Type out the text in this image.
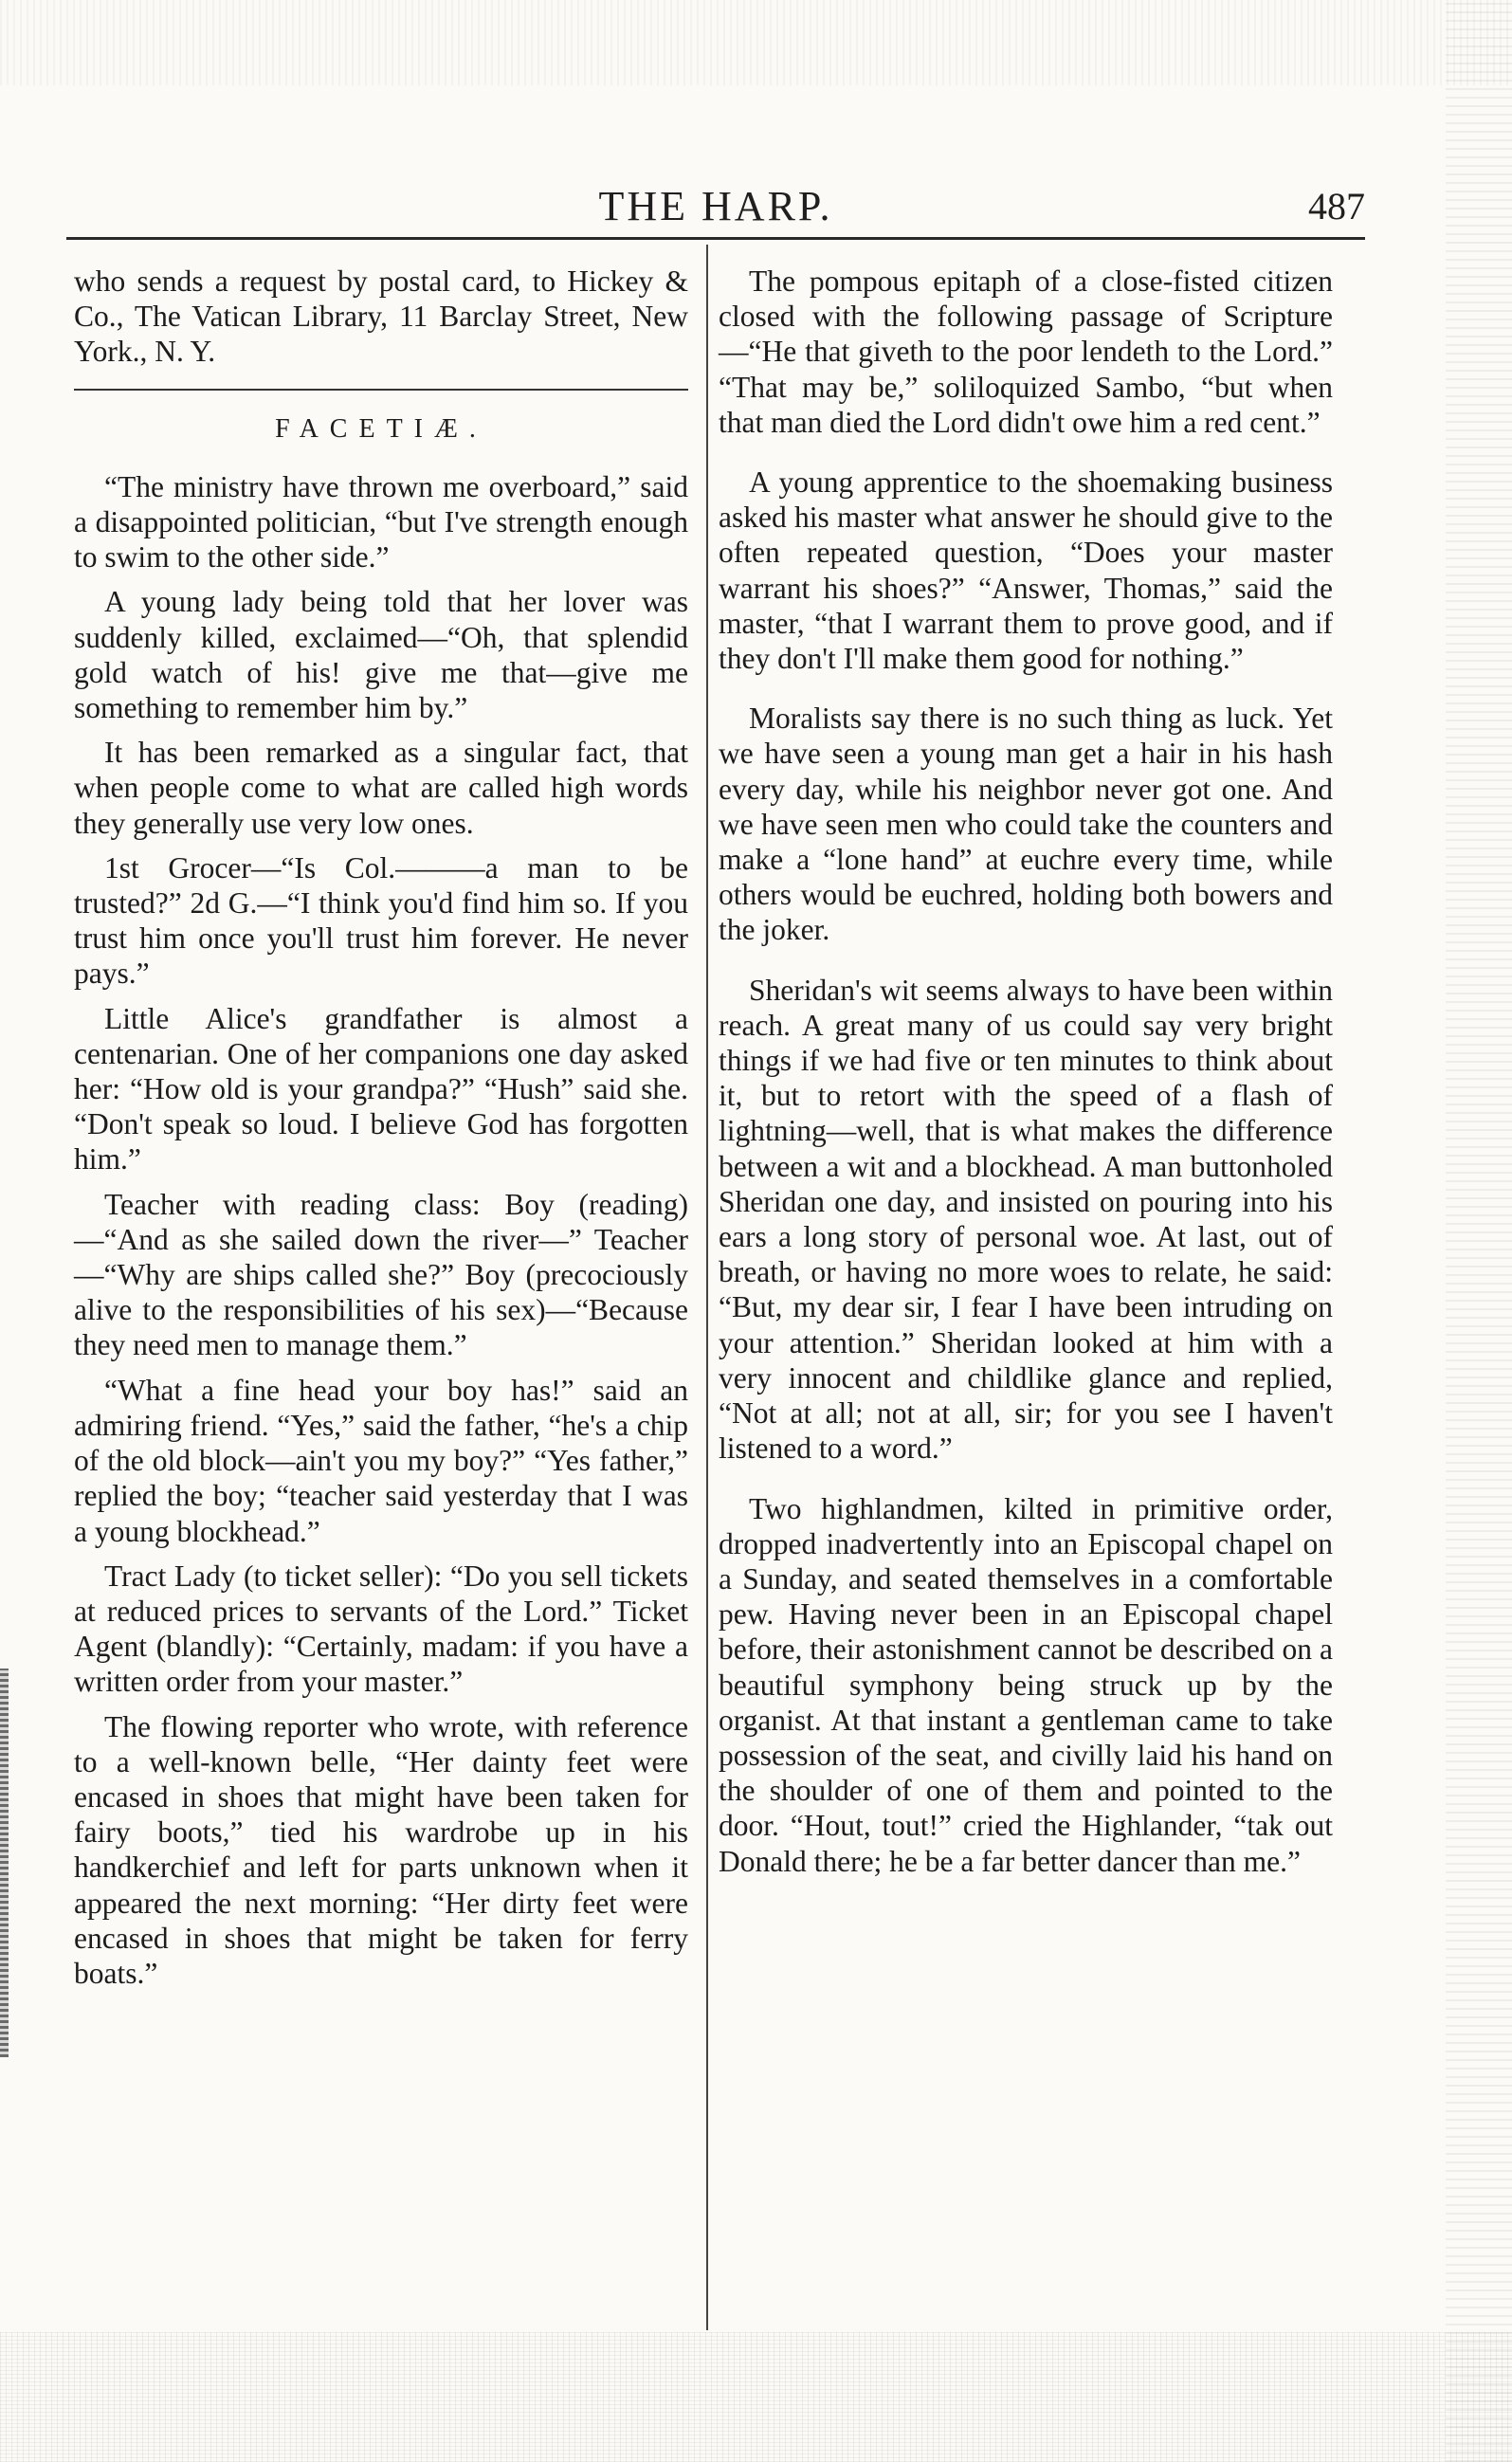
THE HARP.	487

who sends a request by postal card, to Hickey & Co., The Vatican Library, 11 Barclay Street, New York., N. Y.

FACETIÆ.

“The ministry have thrown me overboard,” said a disappointed politician, “but I've strength enough to swim to the other side.”

A young lady being told that her lover was suddenly killed, exclaimed—“Oh, that splendid gold watch of his! give me that—give me something to remember him by.”

It has been remarked as a singular fact, that when people come to what are called high words they generally use very low ones.

1st Grocer—“Is Col.———a man to be trusted?” 2d G.—“I think you'd find him so. If you trust him once you'll trust him forever. He never pays.”

Little Alice's grandfather is almost a centenarian. One of her companions one day asked her: “How old is your grandpa?” “Hush” said she. “Don't speak so loud. I believe God has forgotten him.”

Teacher with reading class: Boy (reading)—“And as she sailed down the river—” Teacher—“Why are ships called she?” Boy (precociously alive to the responsibilities of his sex)—“Because they need men to manage them.”

“What a fine head your boy has!” said an admiring friend. “Yes,” said the father, “he's a chip of the old block—ain't you my boy?” “Yes father,” replied the boy; “teacher said yesterday that I was a young blockhead.”

Tract Lady (to ticket seller): “Do you sell tickets at reduced prices to servants of the Lord.” Ticket Agent (blandly): “Certainly, madam: if you have a written order from your master.”

The flowing reporter who wrote, with reference to a well-known belle, “Her dainty feet were encased in shoes that might have been taken for fairy boots,” tied his wardrobe up in his handkerchief and left for parts unknown when it appeared the next morning: “Her dirty feet were encased in shoes that might be taken for ferry boats.”

The pompous epitaph of a close-fisted citizen closed with the following passage of Scripture—“He that giveth to the poor lendeth to the Lord.” “That may be,” soliloquized Sambo, “but when that man died the Lord didn't owe him a red cent.”

A young apprentice to the shoemaking business asked his master what answer he should give to the often repeated question, “Does your master warrant his shoes?” “Answer, Thomas,” said the master, “that I warrant them to prove good, and if they don't I'll make them good for nothing.”

Moralists say there is no such thing as luck. Yet we have seen a young man get a hair in his hash every day, while his neighbor never got one. And we have seen men who could take the counters and make a “lone hand” at euchre every time, while others would be euchred, holding both bowers and the joker.

Sheridan's wit seems always to have been within reach. A great many of us could say very bright things if we had five or ten minutes to think about it, but to retort with the speed of a flash of lightning—well, that is what makes the difference between a wit and a blockhead. A man buttonholed Sheridan one day, and insisted on pouring into his ears a long story of personal woe. At last, out of breath, or having no more woes to relate, he said: “But, my dear sir, I fear I have been intruding on your attention.” Sheridan looked at him with a very innocent and childlike glance and replied, “Not at all; not at all, sir; for you see I haven't listened to a word.”

Two highlandmen, kilted in primitive order, dropped inadvertently into an Episcopal chapel on a Sunday, and seated themselves in a comfortable pew. Having never been in an Episcopal chapel before, their astonishment cannot be described on a beautiful symphony being struck up by the organist. At that instant a gentleman came to take possession of the seat, and civilly laid his hand on the shoulder of one of them and pointed to the door. “Hout, tout!” cried the Highlander, “tak out Donald there; he be a far better dancer than me.”
